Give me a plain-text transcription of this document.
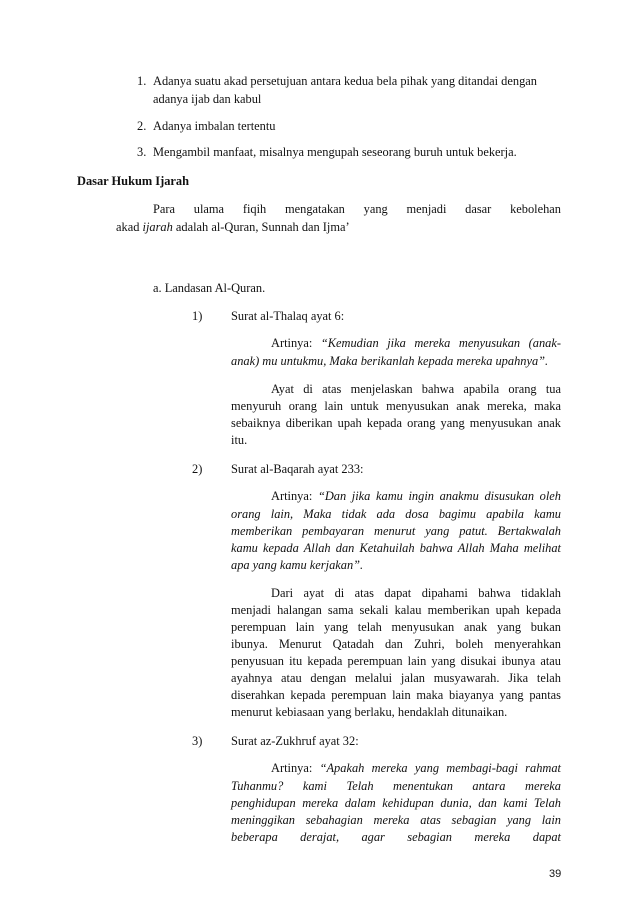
1. Adanya suatu akad persetujuan antara kedua bela pihak yang ditandai dengan
adanya ijab dan kabul
2. Adanya imbalan tertentu
3. Mengambil manfaat, misalnya mengupah seseorang buruh untuk bekerja.
Dasar Hukum Ijarah
Para ulama fiqih mengatakan yang menjadi dasar kebolehan
akad ijarah adalah al-Quran, Sunnah dan Ijma’
a. Landasan Al-Quran.
1) Surat al-Thalaq ayat 6:
Artinya: “Kemudian jika mereka menyusukan (anak-
anak) mu untukmu, Maka berikanlah kepada mereka upahnya”.
Ayat di atas menjelaskan bahwa apabila orang tua
menyuruh orang lain untuk menyusukan anak mereka, maka
sebaiknya diberikan upah kepada orang yang menyusukan anak
itu.
2) Surat al-Baqarah ayat 233:
Artinya: “Dan jika kamu ingin anakmu disusukan oleh
orang lain, Maka tidak ada dosa bagimu apabila kamu
memberikan pembayaran menurut yang patut. Bertakwalah
kamu kepada Allah dan Ketahuilah bahwa Allah Maha melihat
apa yang kamu kerjakan”.
Dari ayat di atas dapat dipahami bahwa tidaklah
menjadi halangan sama sekali kalau memberikan upah kepada
perempuan lain yang telah menyusukan anak yang bukan
ibunya. Menurut Qatadah dan Zuhri, boleh menyerahkan
penyusuan itu kepada perempuan lain yang disukai ibunya atau
ayahnya atau dengan melalui jalan musyawarah. Jika telah
diserahkan kepada perempuan lain maka biayanya yang pantas
menurut kebiasaan yang berlaku, hendaklah ditunaikan.
3) Surat az-Zukhruf ayat 32:
Artinya: “Apakah mereka yang membagi-bagi rahmat
Tuhanmu? kami Telah menentukan antara mereka
penghidupan mereka dalam kehidupan dunia, dan kami Telah
meninggikan sebahagian mereka atas sebagian yang lain
beberapa derajat, agar sebagian mereka dapat
39
